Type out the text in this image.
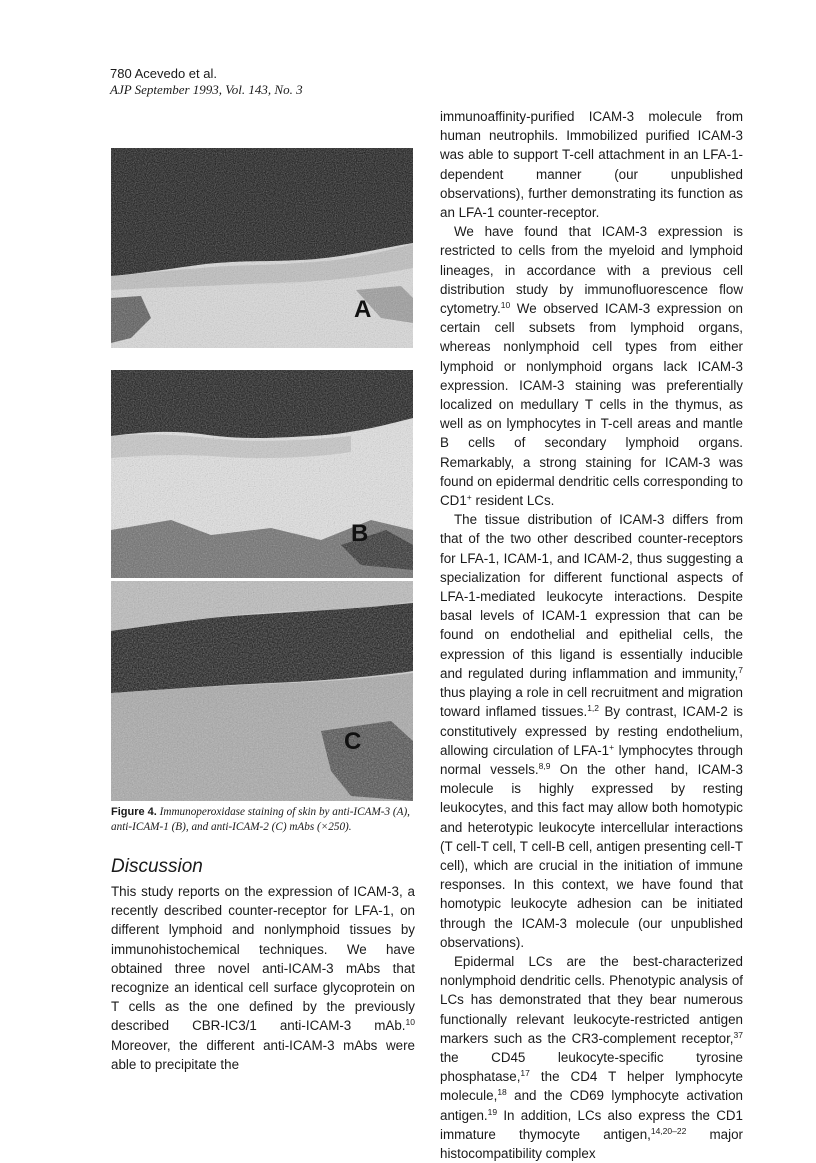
780 Acevedo et al.
AJP September 1993, Vol. 143, No. 3
A
B
C
Figure 4. Immunoperoxidase staining of skin by anti-ICAM-3 (A), anti-ICAM-1 (B), and anti-ICAM-2 (C) mAbs (×250).
Discussion

This study reports on the expression of ICAM-3, a recently described counter-receptor for LFA-1, on different lymphoid and nonlymphoid tissues by immunohistochemical techniques. We have obtained three novel anti-ICAM-3 mAbs that recognize an identical cell surface glycoprotein on T cells as the one defined by the previously described CBR-IC3/1 anti-ICAM-3 mAb.$^{10}$ Moreover, the different anti-ICAM-3 mAbs were able to precipitate the

immunoaffinity-purified ICAM-3 molecule from human neutrophils. Immobilized purified ICAM-3 was able to support T-cell attachment in an LFA-1-dependent manner (our unpublished observations), further demonstrating its function as an LFA-1 counter-receptor.

We have found that ICAM-3 expression is restricted to cells from the myeloid and lymphoid lineages, in accordance with a previous cell distribution study by immunofluorescence flow cytometry.$^{10}$ We observed ICAM-3 expression on certain cell subsets from lymphoid organs, whereas nonlymphoid cell types from either lymphoid or nonlymphoid organs lack ICAM-3 expression. ICAM-3 staining was preferentially localized on medullary T cells in the thymus, as well as on lymphocytes in T-cell areas and mantle B cells of secondary lymphoid organs. Remarkably, a strong staining for ICAM-3 was found on epidermal dendritic cells corresponding to CD1+ resident LCs.

The tissue distribution of ICAM-3 differs from that of the two other described counter-receptors for LFA-1, ICAM-1, and ICAM-2, thus suggesting a specialization for different functional aspects of LFA-1-mediated leukocyte interactions. Despite basal levels of ICAM-1 expression that can be found on endothelial and epithelial cells, the expression of this ligand is essentially inducible and regulated during inflammation and immunity,$^7$ thus playing a role in cell recruitment and migration toward inflamed tissues.$^{1,2}$ By contrast, ICAM-2 is constitutively expressed by resting endothelium, allowing circulation of LFA-1+ lymphocytes through normal vessels.$^{8,9}$ On the other hand, ICAM-3 molecule is highly expressed by resting leukocytes, and this fact may allow both homotypic and heterotypic leukocyte intercellular interactions (T cell-T cell, T cell-B cell, antigen presenting cell-T cell), which are crucial in the initiation of immune responses. In this context, we have found that homotypic leukocyte adhesion can be initiated through the ICAM-3 molecule (our unpublished observations).

Epidermal LCs are the best-characterized nonlymphoid dendritic cells. Phenotypic analysis of LCs has demonstrated that they bear numerous functionally relevant leukocyte-restricted antigen markers such as the CR3-complement receptor,$^{37}$ the CD45 leukocyte-specific tyrosine phosphatase,$^{17}$ the CD4 T helper lymphocyte molecule,$^{18}$ and the CD69 lymphocyte activation antigen.$^{19}$ In addition, LCs also express the CD1 immature thymocyte antigen,$^{14,20-22}$ major histocompatibility complex
